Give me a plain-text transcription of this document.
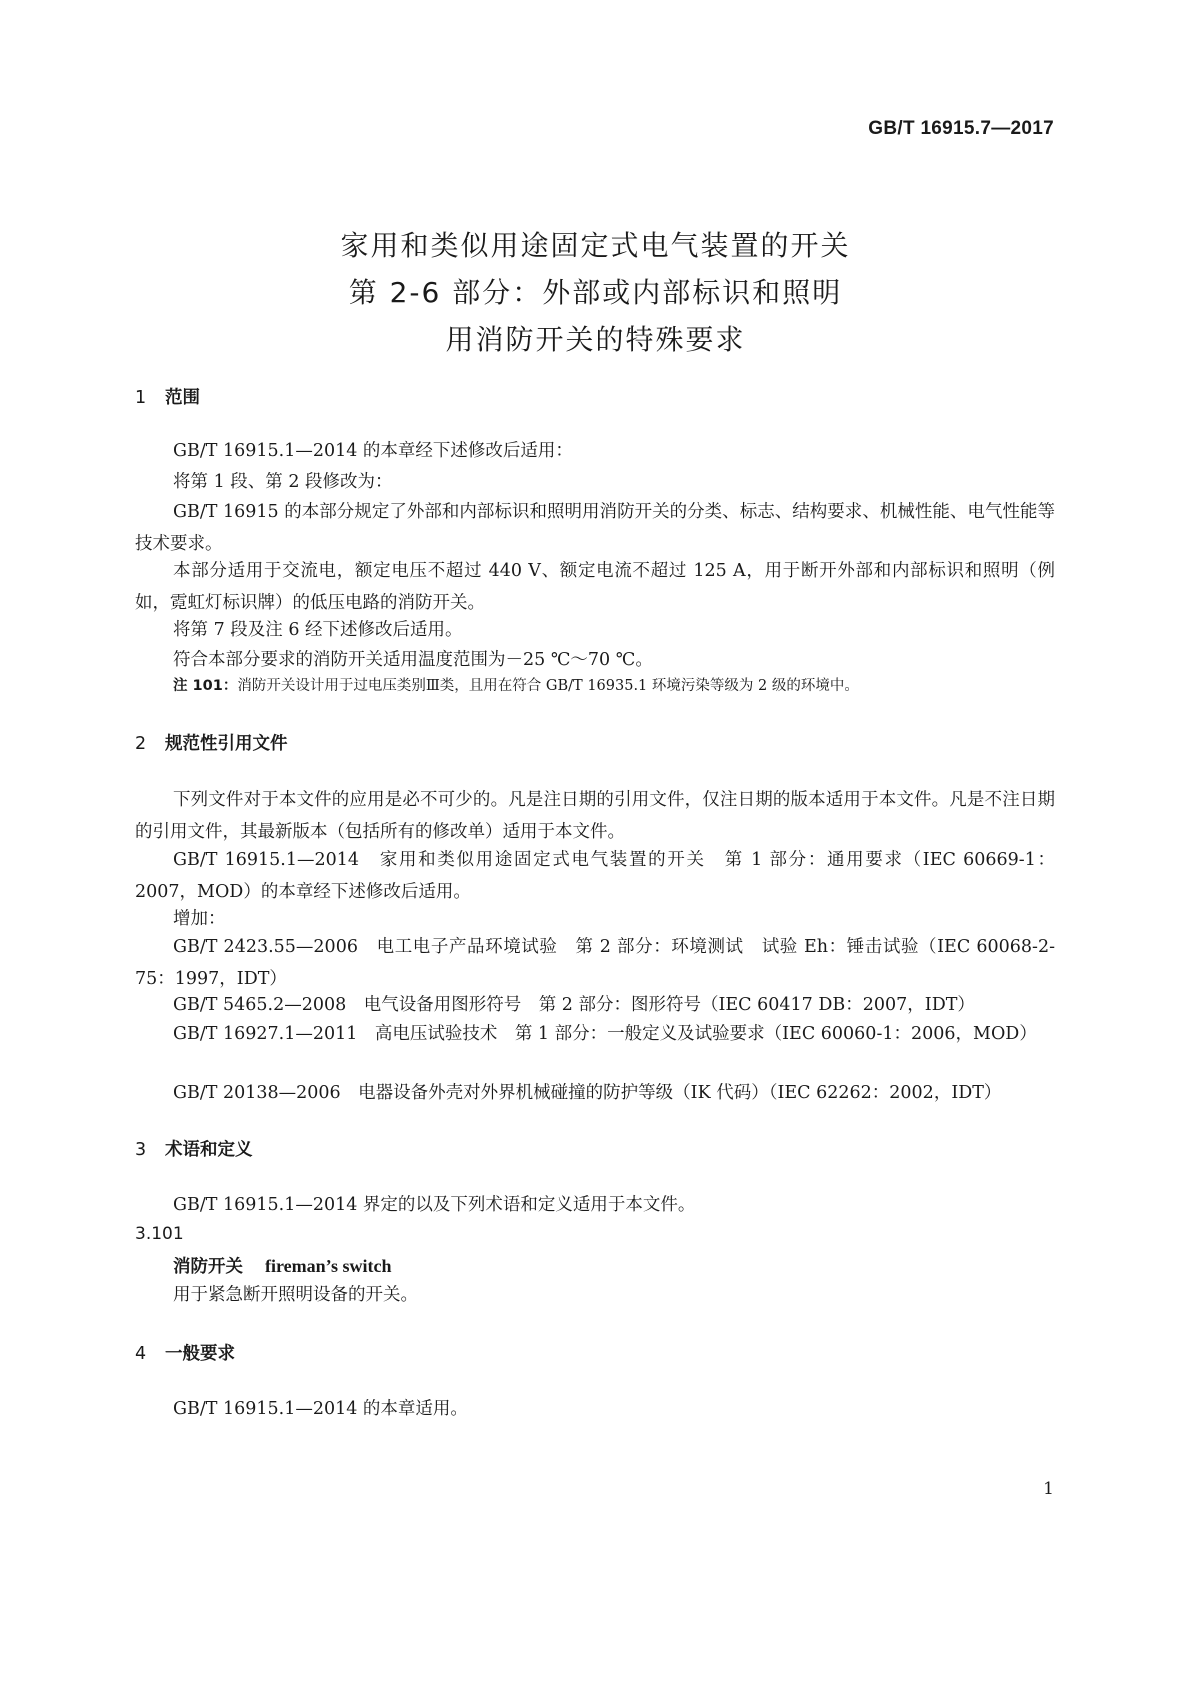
GB/T 16915.7—2017
家用和类似用途固定式电气装置的开关
第 2-6 部分：外部或内部标识和照明
用消防开关的特殊要求
1 范围
GB/T 16915.1—2014 的本章经下述修改后适用：
将第 1 段、第 2 段修改为：
GB/T 16915 的本部分规定了外部和内部标识和照明用消防开关的分类、标志、结构要求、机械性能、电气性能等技术要求。
本部分适用于交流电，额定电压不超过 440 V、额定电流不超过 125 A，用于断开外部和内部标识和照明（例如，霓虹灯标识牌）的低压电路的消防开关。
将第 7 段及注 6 经下述修改后适用。
符合本部分要求的消防开关适用温度范围为－25 ℃～70 ℃。
注 101：消防开关设计用于过电压类别Ⅲ类，且用在符合 GB/T 16935.1 环境污染等级为 2 级的环境中。
2 规范性引用文件
下列文件对于本文件的应用是必不可少的。凡是注日期的引用文件，仅注日期的版本适用于本文件。凡是不注日期的引用文件，其最新版本（包括所有的修改单）适用于本文件。
GB/T 16915.1—2014　家用和类似用途固定式电气装置的开关　第 1 部分：通用要求（IEC 60669-1：2007，MOD）的本章经下述修改后适用。
增加：
GB/T 2423.55—2006　电工电子产品环境试验　第 2 部分：环境测试　试验 Eh：锤击试验（IEC 60068-2-75：1997，IDT）
GB/T 5465.2—2008　电气设备用图形符号　第 2 部分：图形符号（IEC 60417 DB：2007，IDT）
GB/T 16927.1—2011　高电压试验技术　第 1 部分：一般定义及试验要求（IEC 60060-1：2006，MOD）
GB/T 20138—2006　电器设备外壳对外界机械碰撞的防护等级（IK 代码）（IEC 62262：2002，IDT）
3 术语和定义
GB/T 16915.1—2014 界定的以及下列术语和定义适用于本文件。
3.101
消防开关 fireman’s switch
用于紧急断开照明设备的开关。
4 一般要求
GB/T 16915.1—2014 的本章适用。
1
